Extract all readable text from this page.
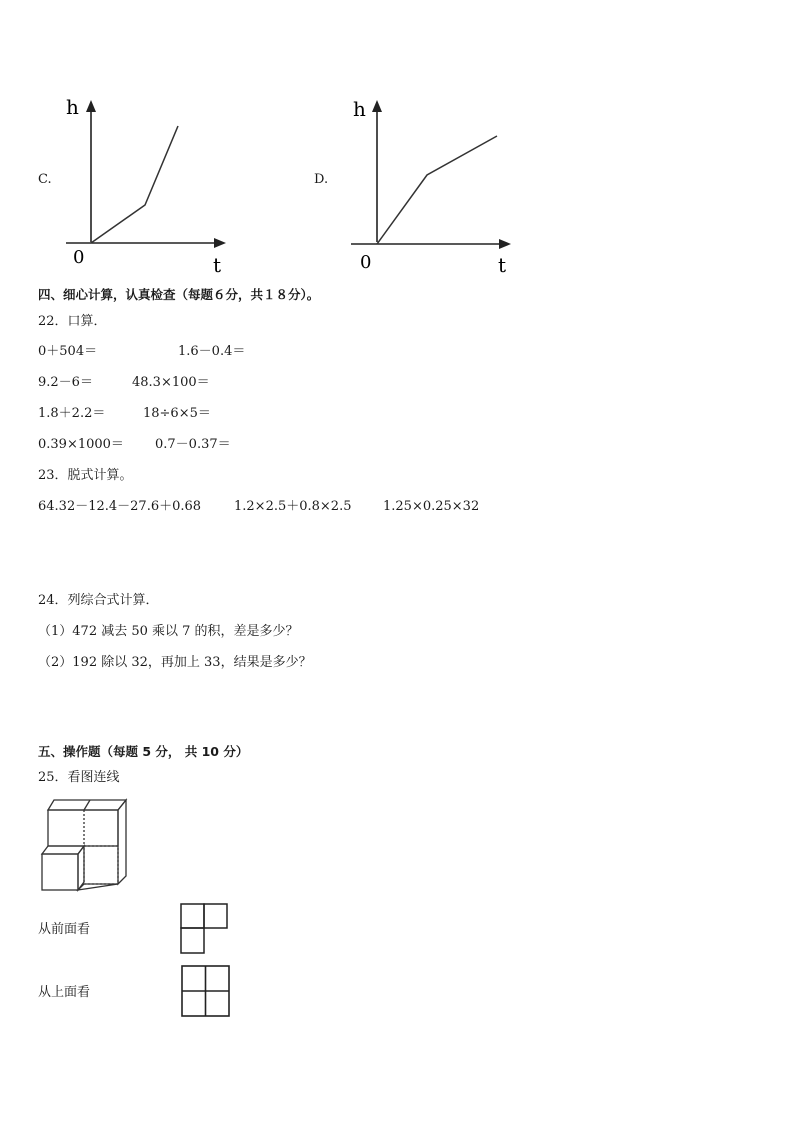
C.
h
0	t
D.
h
0	t
四、细心计算，认真检查（每题６分，共１８分）。
22．口算．
0＋504＝	1.6－0.4＝
9.2－6＝	48.3×100＝
1.8＋2.2＝	18÷6×5＝
0.39×1000＝ 0.7－0.37＝
23．脱式计算。
64.32－12.4－27.6＋0.68	1.2×2.5＋0.8×2.5 1.25×0.25×32
24．列综合式计算．
（1）472 减去 50 乘以 7 的积，差是多少？
（2）192 除以 32，再加上 33，结果是多少？
五、操作题（每题 5 分， 共 10 分）
25．看图连线
从前面看
从上面看
